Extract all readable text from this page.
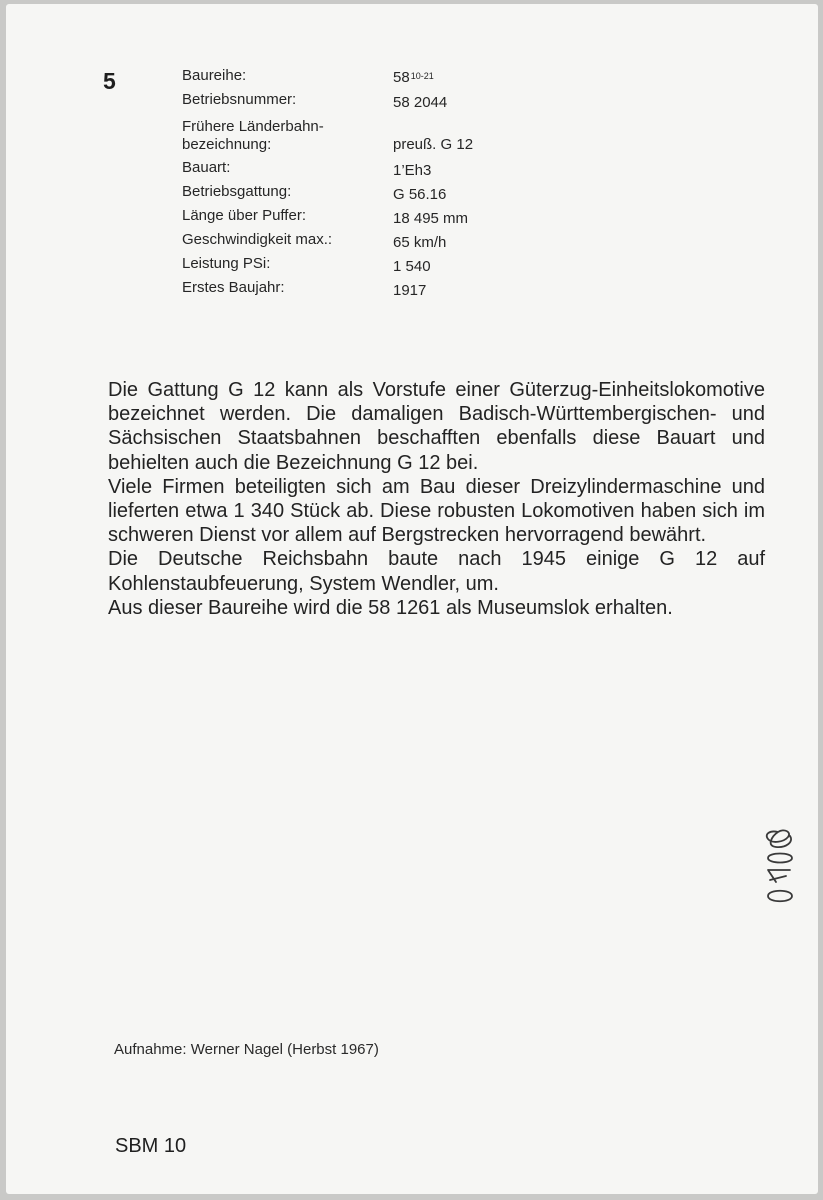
5	Baureihe:	58$^{10-21}$
Betriebsnummer:	58 2044
Frühere Länderbahn-
bezeichnung:	preuß. G 12
Bauart:	1’Eh3
Betriebsgattung:	G 56.16
Länge über Puffer:	18 495 mm
Geschwindigkeit max.:	65 km/h
Leistung PSi:	1 540
Erstes Baujahr:	1917

Die Gattung G 12 kann als Vorstufe einer Güterzug-Einheitslokomotive bezeichnet werden. Die damaligen Badisch-Württembergischen- und Sächsischen Staatsbahnen beschafften ebenfalls diese Bauart und behielten auch die Bezeichnung G 12 bei.

Viele Firmen beteiligten sich am Bau dieser Dreizylindermaschine und lieferten etwa 1 340 Stück ab. Diese robusten Lokomotiven haben sich im schweren Dienst vor allem auf Bergstrecken hervorragend bewährt.

Die Deutsche Reichsbahn baute nach 1945 einige G 12 auf Kohlenstaubfeuerung, System Wendler, um.

Aus dieser Baureihe wird die 58 1261 als Museumslok erhalten.

Aufnahme: Werner Nagel (Herbst 1967)
SBM 10
